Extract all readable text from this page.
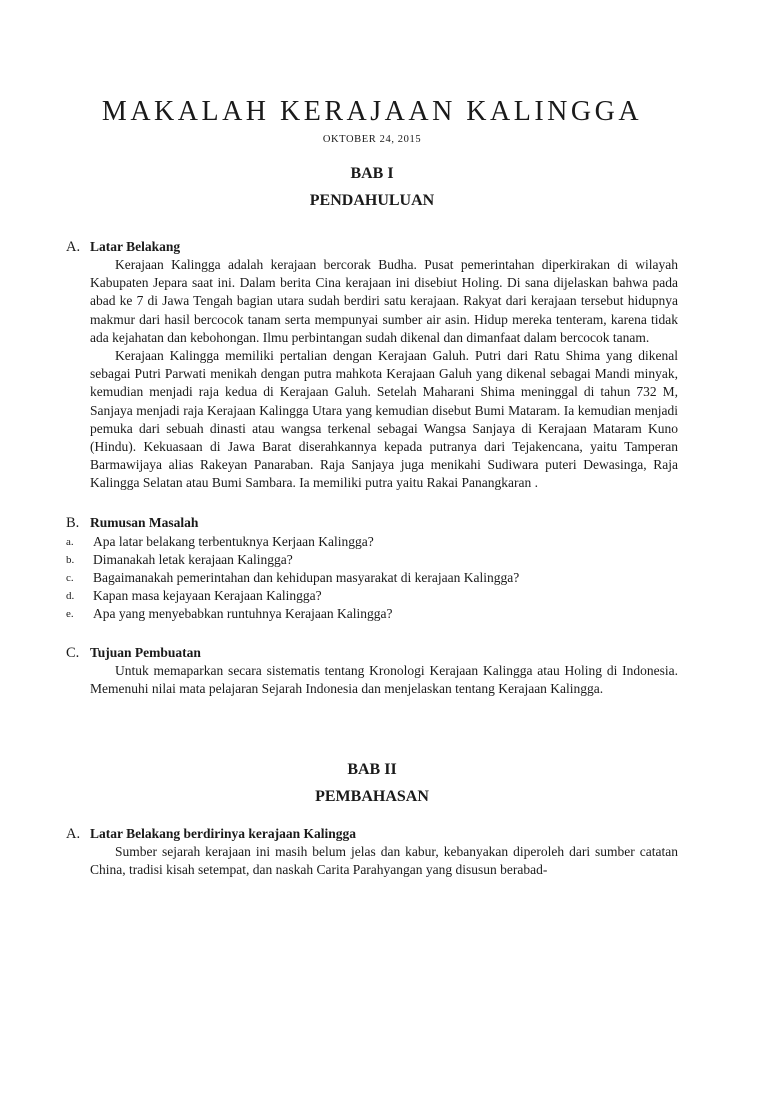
MAKALAH KERAJAAN KALINGGA
OKTOBER 24, 2015
BAB I
PENDAHULUAN
A. Latar Belakang

Kerajaan Kalingga adalah kerajaan bercorak Budha. Pusat pemerintahan diperkirakan di wilayah Kabupaten Jepara saat ini. Dalam berita Cina kerajaan ini disebiut Holing. Di sana dijelaskan bahwa pada abad ke 7 di Jawa Tengah bagian utara sudah berdiri satu kerajaan. Rakyat dari kerajaan tersebut hidupnya makmur dari hasil bercocok tanam serta mempunyai sumber air asin. Hidup mereka tenteram, karena tidak ada kejahatan dan kebohongan. Ilmu perbintangan sudah dikenal dan dimanfaat dalam bercocok tanam.

Kerajaan Kalingga memiliki pertalian dengan Kerajaan Galuh. Putri dari Ratu Shima yang dikenal sebagai Putri Parwati menikah dengan putra mahkota Kerajaan Galuh yang dikenal sebagai Mandi minyak, kemudian menjadi raja kedua di Kerajaan Galuh. Setelah Maharani Shima meninggal di tahun 732 M, Sanjaya menjadi raja Kerajaan Kalingga Utara yang kemudian disebut Bumi Mataram. Ia kemudian menjadi pemuka dari sebuah dinasti atau wangsa terkenal sebagai Wangsa Sanjaya di Kerajaan Mataram Kuno (Hindu). Kekuasaan di Jawa Barat diserahkannya kepada putranya dari Tejakencana, yaitu Tamperan Barmawijaya alias Rakeyan Panaraban. Raja Sanjaya juga menikahi Sudiwara puteri Dewasinga, Raja Kalingga Selatan atau Bumi Sambara. Ia memiliki putra yaitu Rakai Panangkaran .

B. Rumusan Masalah
a.	Apa latar belakang terbentuknya Kerjaan Kalingga?
b.	Dimanakah letak kerajaan Kalingga?
c.	Bagaimanakah pemerintahan dan kehidupan masyarakat di kerajaan Kalingga?
d.	Kapan masa kejayaan Kerajaan Kalingga?
e.	Apa yang menyebabkan runtuhnya Kerajaan Kalingga?
C. Tujuan Pembuatan

Untuk memaparkan secara sistematis tentang Kronologi Kerajaan Kalingga atau Holing di Indonesia. Memenuhi nilai mata pelajaran Sejarah Indonesia dan menjelaskan tentang Kerajaan Kalingga.

BAB II
PEMBAHASAN
A. Latar Belakang berdirinya kerajaan Kalingga

Sumber sejarah kerajaan ini masih belum jelas dan kabur, kebanyakan diperoleh dari sumber catatan China, tradisi kisah setempat, dan naskah Carita Parahyangan yang disusun berabad-
